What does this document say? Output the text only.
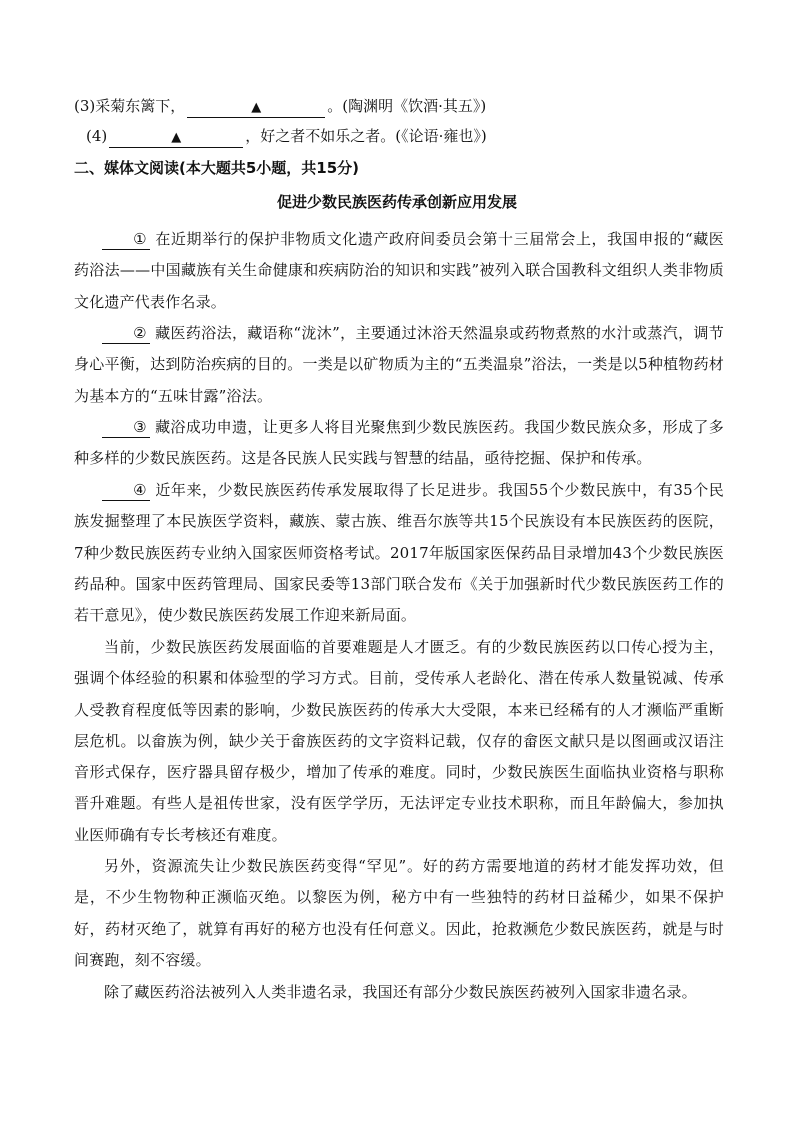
(3)采菊东篱下，	▲	。(陶渊明《饮酒·其五》)
(4)	▲	，好之者不如乐之者。(《论语·雍也》)
二、媒体文阅读(本大题共5小题，共15分)
促进少数民族医药传承创新应用发展
① 在近期举行的保护非物质文化遗产政府间委员会第十三届常会上，我国申报的“藏医药浴法——中国藏族有关生命健康和疾病防治的知识和实践”被列入联合国教科文组织人类非物质文化遗产代表作名录。
② 藏医药浴法，藏语称“泷沐”，主要通过沐浴天然温泉或药物煮熬的水汁或蒸汽，调节身心平衡，达到防治疾病的目的。一类是以矿物质为主的“五类温泉”浴法，一类是以5种植物药材为基本方的“五味甘露”浴法。
③ 藏浴成功申遗，让更多人将目光聚焦到少数民族医药。我国少数民族众多，形成了多种多样的少数民族医药。这是各民族人民实践与智慧的结晶，亟待挖掘、保护和传承。
④ 近年来，少数民族医药传承发展取得了长足进步。我国55个少数民族中，有35个民族发掘整理了本民族医学资料，藏族、蒙古族、维吾尔族等共15个民族设有本民族医药的医院，7种少数民族医药专业纳入国家医师资格考试。2017年版国家医保药品目录增加43个少数民族医药品种。国家中医药管理局、国家民委等13部门联合发布《关于加强新时代少数民族医药工作的若干意见》，使少数民族医药发展工作迎来新局面。
当前，少数民族医药发展面临的首要难题是人才匮乏。有的少数民族医药以口传心授为主，强调个体经验的积累和体验型的学习方式。目前，受传承人老龄化、潜在传承人数量锐减、传承人受教育程度低等因素的影响，少数民族医药的传承大大受限，本来已经稀有的人才濒临严重断层危机。以畲族为例，缺少关于畲族医药的文字资料记载，仅存的畲医文献只是以图画或汉语注音形式保存，医疗器具留存极少，增加了传承的难度。同时，少数民族医生面临执业资格与职称晋升难题。有些人是祖传世家，没有医学学历，无法评定专业技术职称，而且年龄偏大，参加执业医师确有专长考核还有难度。
另外，资源流失让少数民族医药变得“罕见”。好的药方需要地道的药材才能发挥功效，但是，不少生物物种正濒临灭绝。以黎医为例，秘方中有一些独特的药材日益稀少，如果不保护好，药材灭绝了，就算有再好的秘方也没有任何意义。因此，抢救濒危少数民族医药，就是与时间赛跑，刻不容缓。
除了藏医药浴法被列入人类非遗名录，我国还有部分少数民族医药被列入国家非遗名录。
